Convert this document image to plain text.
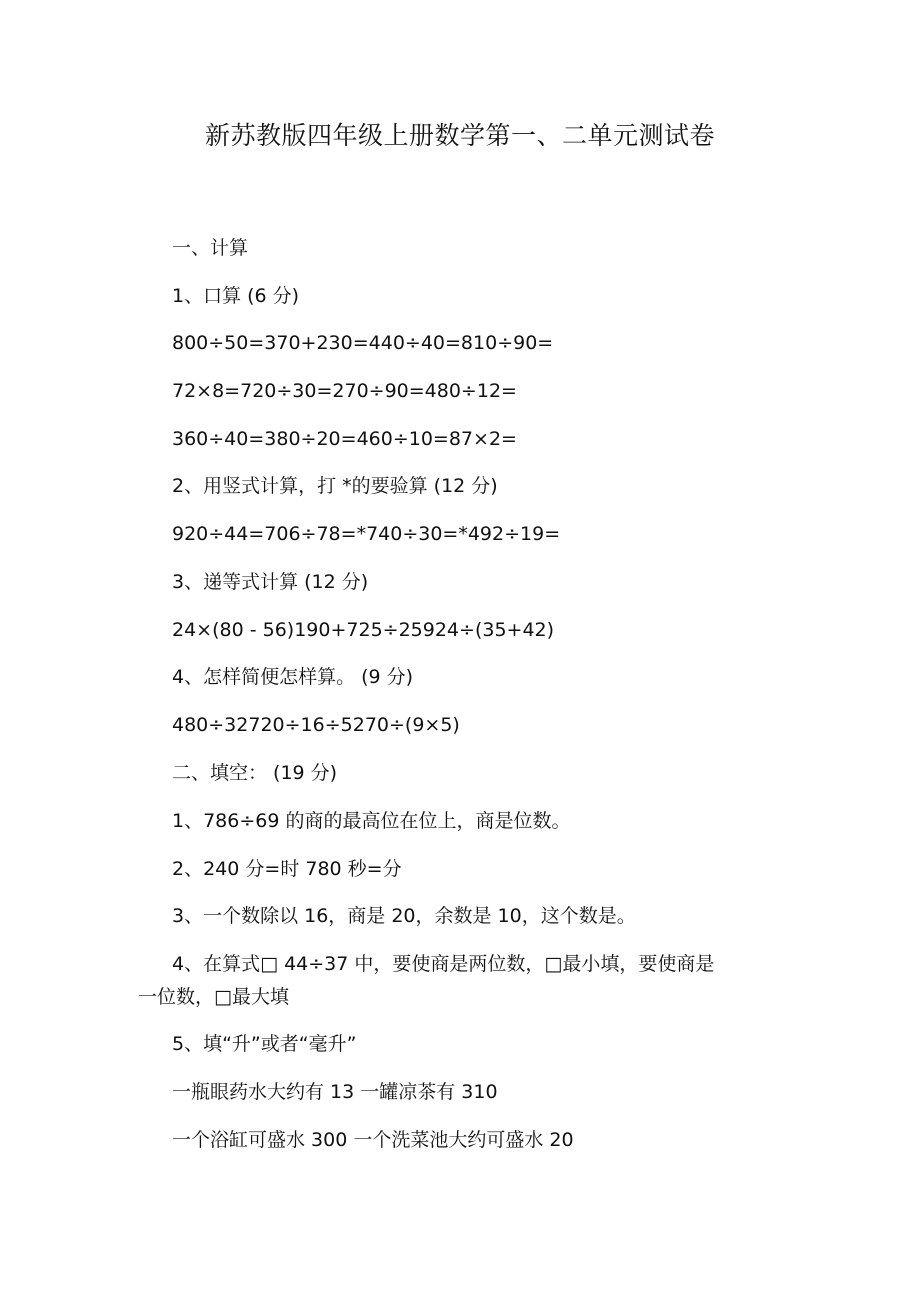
新苏教版四年级上册数学第一、二单元测试卷
一、计算
1、口算 (6 分)
800÷50=370+230=440÷40=810÷90=
72×8=720÷30=270÷90=480÷12=
360÷40=380÷20=460÷10=87×2=
2、用竖式计算，打 *的要验算 (12 分)
920÷44=706÷78=*740÷30=*492÷19=
3、递等式计算 (12 分)
24×(80 - 56)190+725÷25924÷(35+42)
4、怎样简便怎样算。 (9 分)
480÷32720÷16÷5270÷(9×5)
二、填空： (19 分)
1、786÷69 的商的最高位在位上，商是位数。
2、240 分=时 780 秒=分
3、一个数除以 16，商是 20，余数是 10，这个数是。
4、在算式□ 44÷37 中，要使商是两位数，□最小填，要使商是
一位数，□最大填
5、填“升”或者“毫升”
一瓶眼药水大约有 13 一罐凉茶有 310
一个浴缸可盛水 300 一个洗菜池大约可盛水 20
